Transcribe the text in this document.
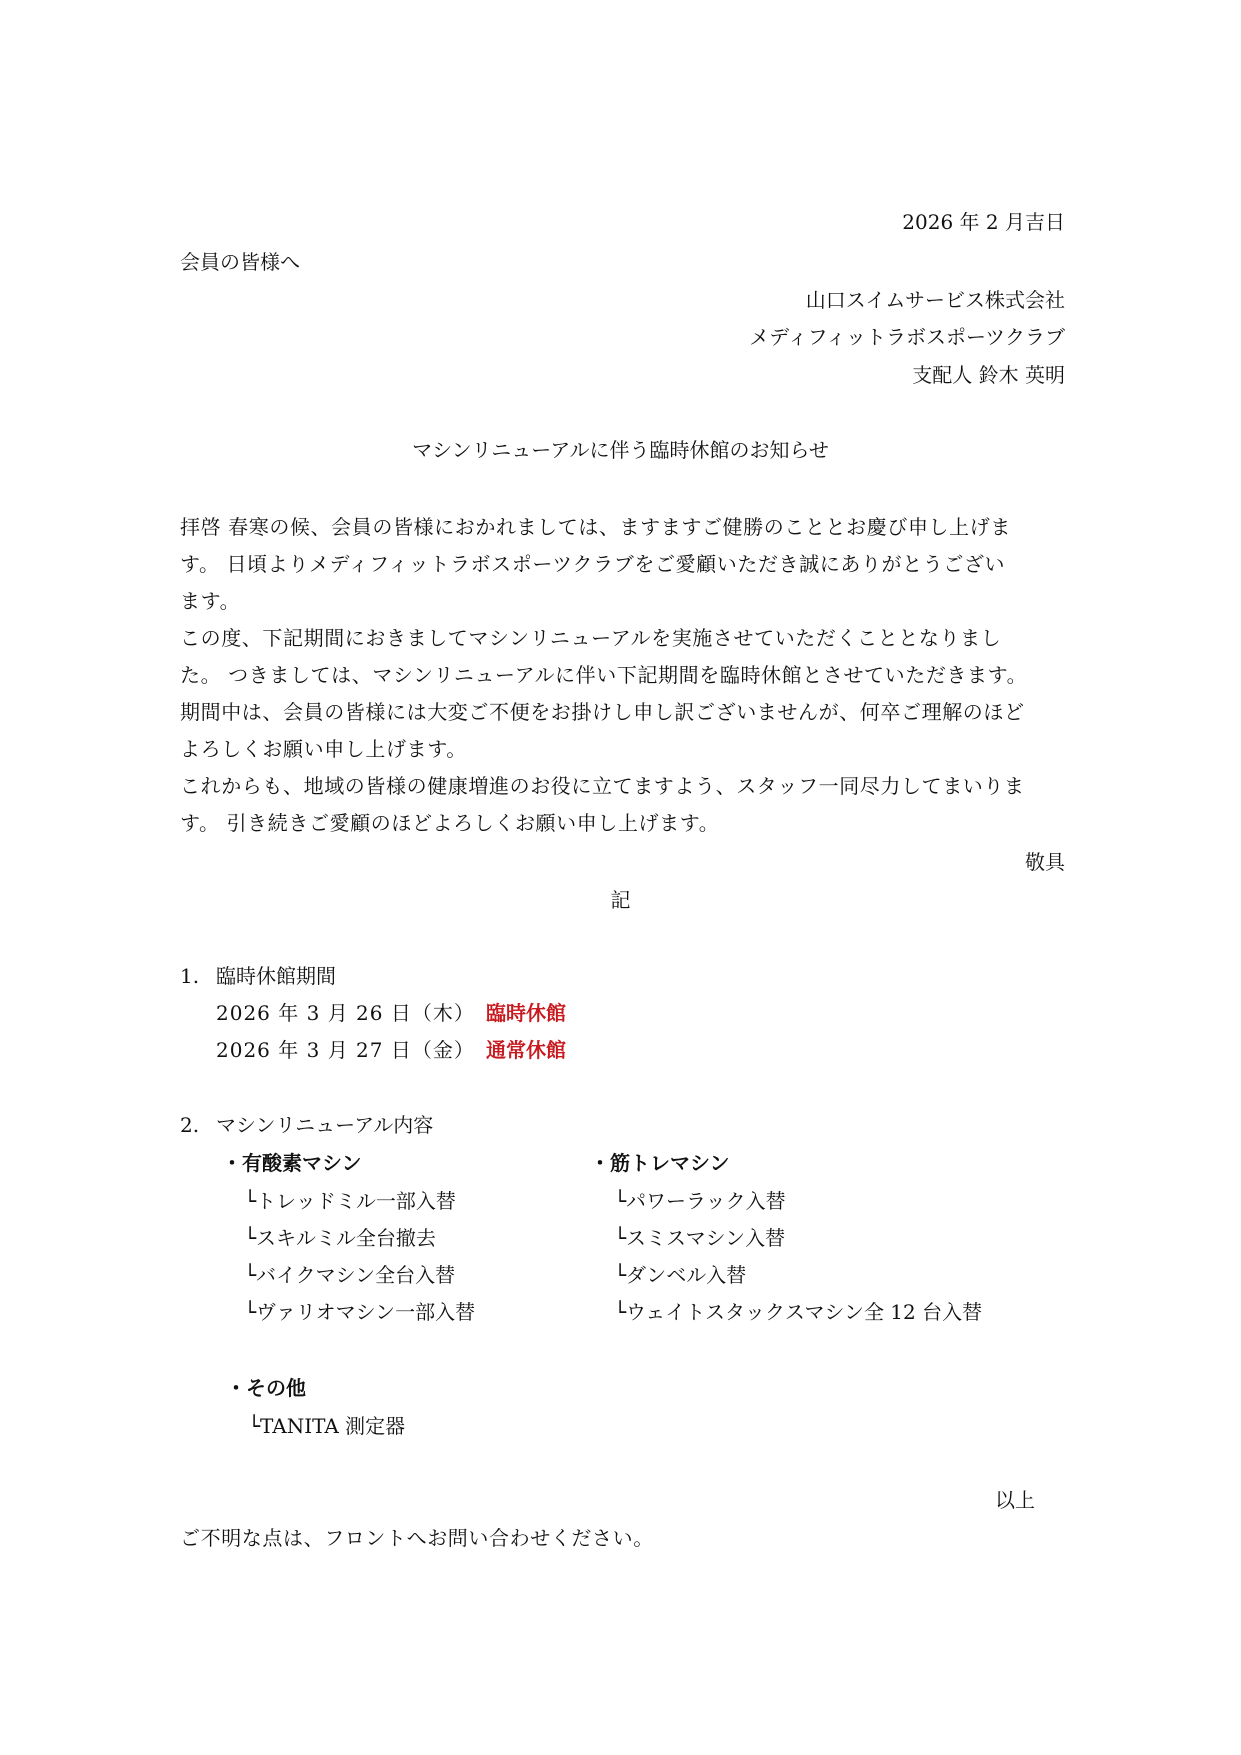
2026 年 2 月吉日
会員の皆様へ
山口スイムサービス株式会社
メディフィットラボスポーツクラブ
支配人 鈴木 英明
マシンリニューアルに伴う臨時休館のお知らせ
拝啓 春寒の候、会員の皆様におかれましては、ますますご健勝のこととお慶び申し上げま
す。 日頃よりメディフィットラボスポーツクラブをご愛顧いただき誠にありがとうござい
ます。
この度、下記期間におきましてマシンリニューアルを実施させていただくこととなりまし
た。 つきましては、マシンリニューアルに伴い下記期間を臨時休館とさせていただきます。
期間中は、会員の皆様には大変ご不便をお掛けし申し訳ございませんが、何卒ご理解のほど
よろしくお願い申し上げます。
これからも、地域の皆様の健康増進のお役に立てますよう、スタッフ一同尽力してまいりま
す。 引き続きご愛顧のほどよろしくお願い申し上げます。
敬具
記
1. 臨時休館期間
2026 年 3 月 26 日（木） 臨時休館
2026 年 3 月 27 日（金） 通常休館
2. マシンリニューアル内容
・有酸素マシン
└トレッドミル一部入替
└スキルミル全台撤去
└バイクマシン全台入替
└ヴァリオマシン一部入替
・筋トレマシン
└パワーラック入替
└スミスマシン入替
└ダンベル入替
└ウェイトスタックスマシン全 12 台入替
・その他
└TANITA 測定器
以上
ご不明な点は、フロントへお問い合わせください。
